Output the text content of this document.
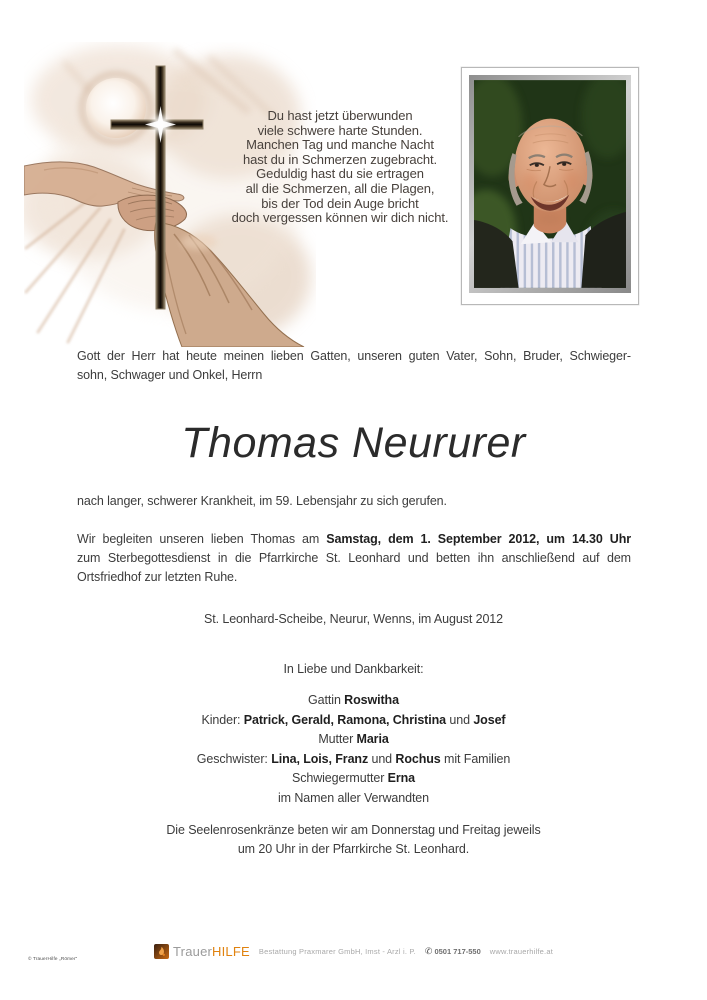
Du hast jetzt überwunden
viele schwere harte Stunden.
Manchen Tag und manche Nacht
hast du in Schmerzen zugebracht.
Geduldig hast du sie ertragen
all die Schmerzen, all die Plagen,
bis der Tod dein Auge bricht
doch vergessen können wir dich nicht.
Gott der Herr hat heute meinen lieben Gatten, unseren guten Vater, Sohn, Bruder, Schwieger-
sohn, Schwager und Onkel, Herrn
Thomas Neururer
nach langer, schwerer Krankheit, im 59. Lebensjahr zu sich gerufen.
Wir begleiten unseren lieben Thomas am Samstag, dem 1. September 2012, um 14.30 Uhr
zum Sterbegottesdienst in die Pfarrkirche St. Leonhard und betten ihn anschließend auf dem
Ortsfriedhof zur letzten Ruhe.
St. Leonhard-Scheibe, Neurur, Wenns, im August 2012
In Liebe und Dankbarkeit:
Gattin Roswitha
Kinder: Patrick, Gerald, Ramona, Christina und Josef
Mutter Maria
Geschwister: Lina, Lois, Franz und Rochus mit Familien
Schwiegermutter Erna
im Namen aller Verwandten
Die Seelenrosenkränze beten wir am Donnerstag und Freitag jeweils
um 20 Uhr in der Pfarrkirche St. Leonhard.
TrauerHILFE Bestattung Praxmarer GmbH, Imst - Arzl i. P. ✆ 0501 717-550 www.trauerhilfe.at
© TrauerHilfe „Römer“
